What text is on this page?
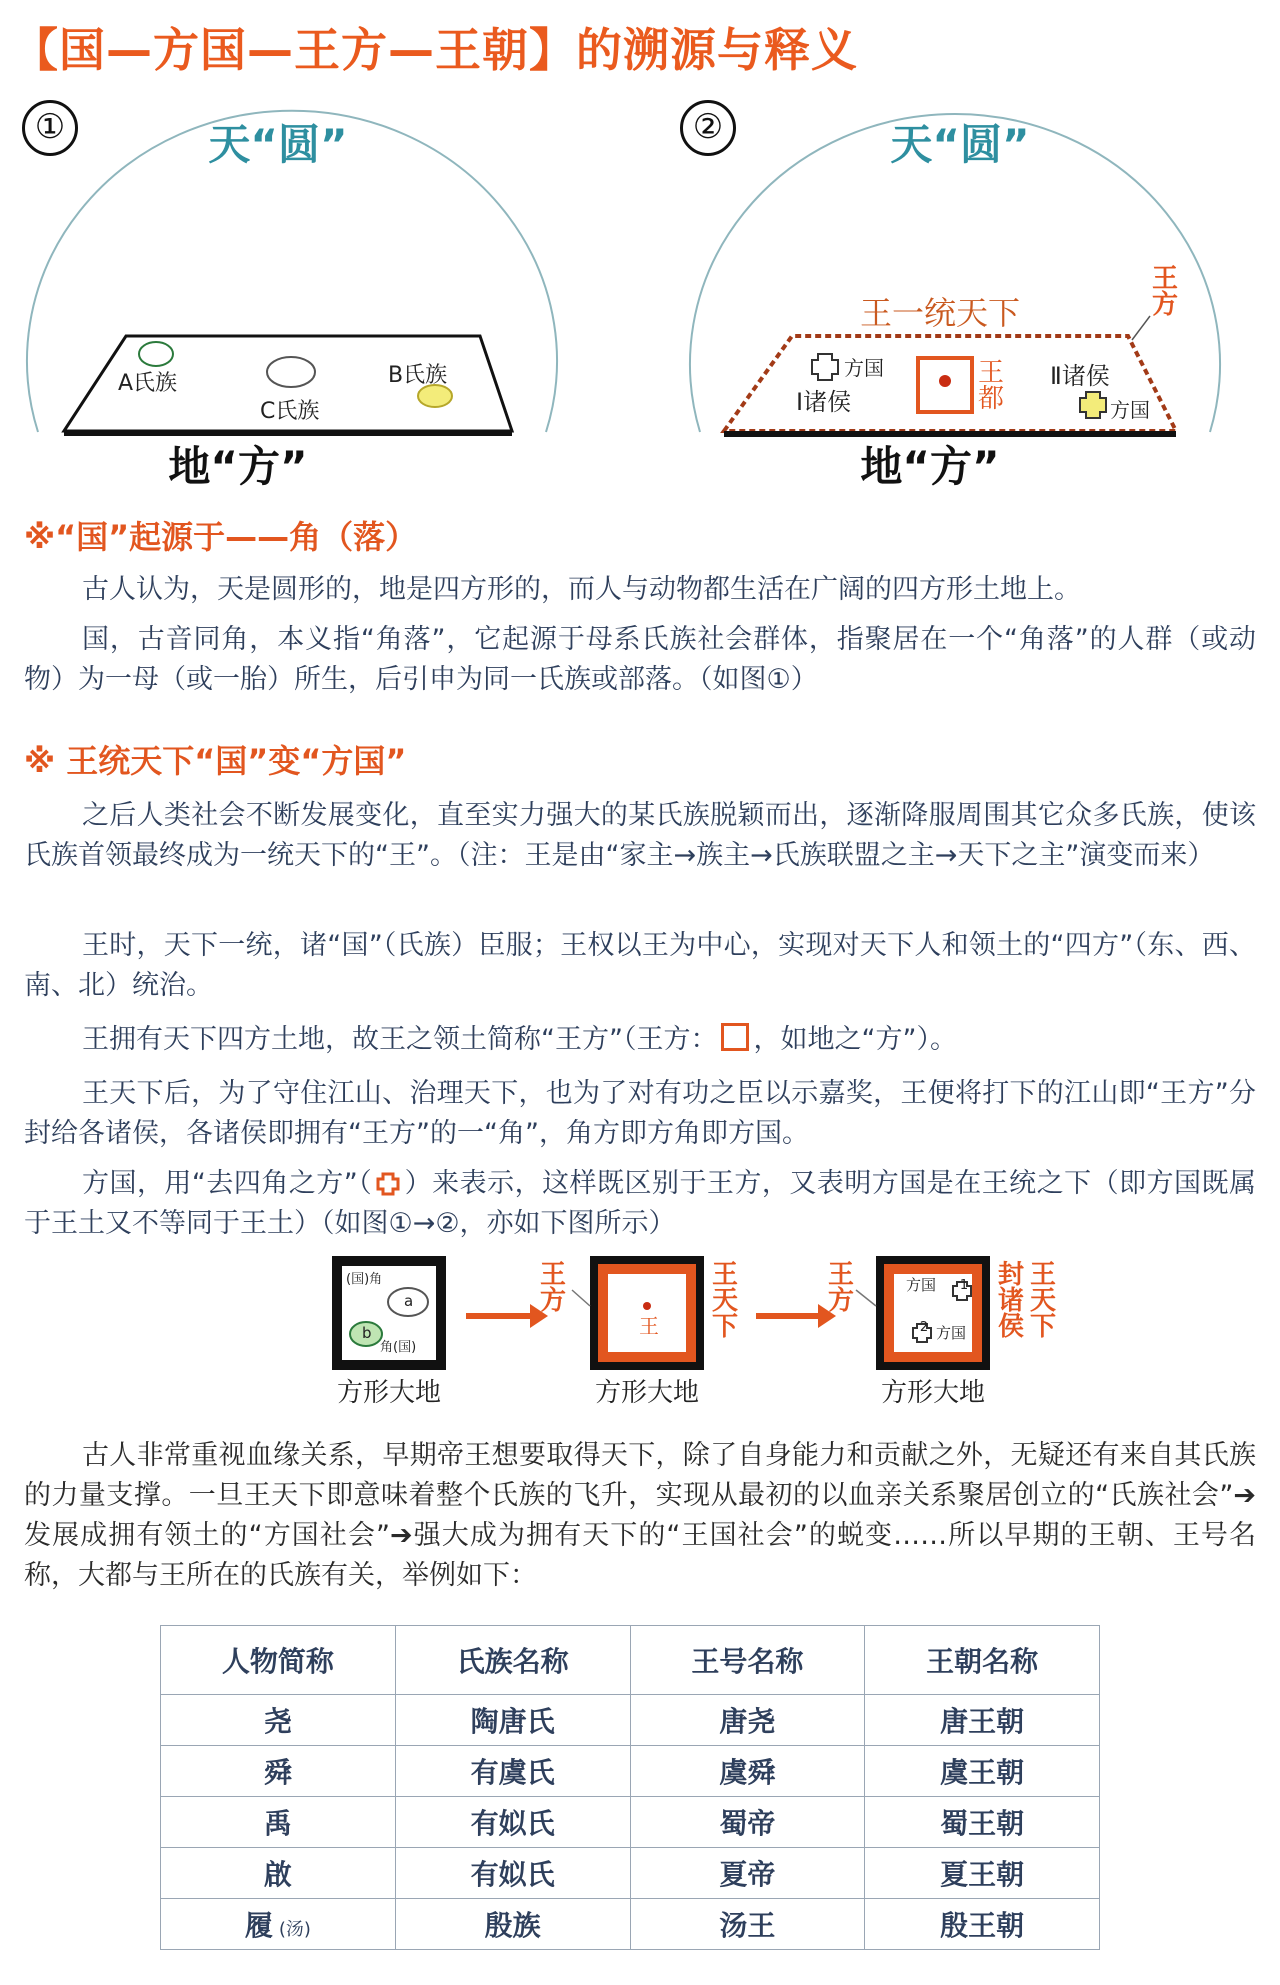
【国—方国—王方—王朝】的溯源与释义
①	天“圆”
A氏族
C氏族
B氏族
地“方”
②	天“圆”
王一统天下
王方
方国
Ⅰ诸侯
Ⅱ诸侯
方国
王都
地“方”
※“国”起源于——角（落）

古人认为，天是圆形的，地是四方形的，而人与动物都生活在广阔的四方形土地上。

国，古音同角，本义指“角落”，它起源于母系氏族社会群体，指聚居在一个“角落”的人群（或动物）为一母（或一胎）所生，后引申为同一氏族或部落。（如图①）

※ 王统天下“国”变“方国”

之后人类社会不断发展变化，直至实力强大的某氏族脱颖而出，逐渐降服周围其它众多氏族，使该氏族首领最终成为一统天下的“王”。（注：王是由“家主→族主→氏族联盟之主→天下之主”演变而来）

王时，天下一统，诸“国”（氏族）臣服；王权以王为中心，实现对天下人和领土的“四方”（东、西、南、北）统治。

王拥有天下四方土地，故王之领土简称“王方”（王方： ，如地之“方”）。

王天下后，为了守住江山、治理天下，也为了对有功之臣以示嘉奖，王便将打下的江山即“王方”分封给各诸侯，各诸侯即拥有“王方”的一“角”，角方即方角即方国。

方国，用“去四角之方”（ ）来表示，这样既区别于王方，又表明方国是在王统之下（即方国既属于王土又不等同于王土）（如图①→②，亦如下图所示）

(国)角
a
b
角(国)
方形大地
王方
王
王天下
方形大地
王方
方国 1
2 方国
封诸侯
王天下
方形大地

古人非常重视血缘关系，早期帝王想要取得天下，除了自身能力和贡献之外，无疑还有来自其氏族的力量支撑。一旦王天下即意味着整个氏族的飞升，实现从最初的以血亲关系聚居创立的“氏族社会”➔发展成拥有领土的“方国社会”➔强大成为拥有天下的“王国社会”的蜕变……所以早期的王朝、王号名称，大都与王所在的氏族有关，举例如下：

人物简称	氏族名称	王号名称	王朝名称
尧	陶唐氏	唐尧	唐王朝
舜	有虞氏	虞舜	虞王朝
禹	有姒氏	蜀帝	蜀王朝
啟	有姒氏	夏帝	夏王朝
履 (汤)	殷族	汤王	殷王朝
